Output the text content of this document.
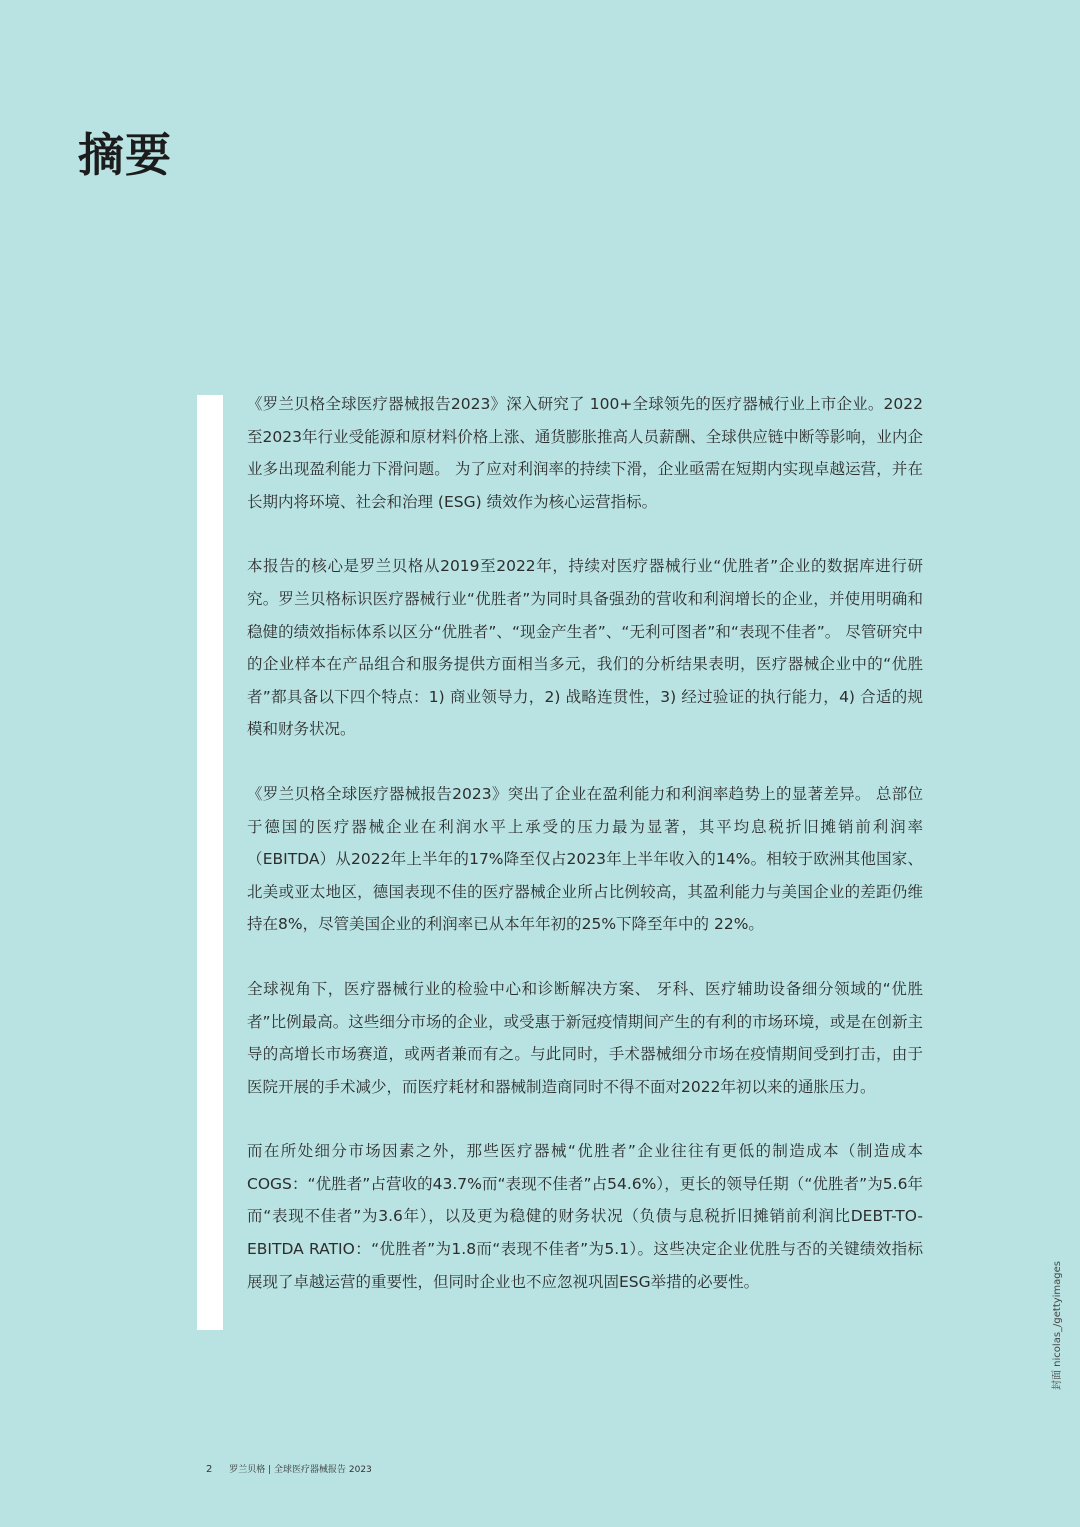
摘要

《罗兰贝格全球医疗器械报告2023》深入研究了 100+全球领先的医疗器械行业上市企业。2022至2023年行业受能源和原材料价格上涨、通货膨胀推高人员薪酬、全球供应链中断等影响，业内企业多出现盈利能力下滑问题。 为了应对利润率的持续下滑，企业亟需在短期内实现卓越运营，并在长期内将环境、社会和治理 (ESG) 绩效作为核心运营指标。

本报告的核心是罗兰贝格从2019至2022年，持续对医疗器械行业“优胜者”企业的数据库进行研究。罗兰贝格标识医疗器械行业“优胜者”为同时具备强劲的营收和利润增长的企业，并使用明确和稳健的绩效指标体系以区分“优胜者”、“现金产生者”、“无利可图者”和“表现不佳者”。 尽管研究中的企业样本在产品组合和服务提供方面相当多元，我们的分析结果表明，医疗器械企业中的“优胜者”都具备以下四个特点：1) 商业领导力，2) 战略连贯性，3) 经过验证的执行能力，4) 合适的规模和财务状况。

《罗兰贝格全球医疗器械报告2023》突出了企业在盈利能力和利润率趋势上的显著差异。 总部位于德国的医疗器械企业在利润水平上承受的压力最为显著，其平均息税折旧摊销前利润率（EBITDA）从2022年上半年的17%降至仅占2023年上半年收入的14%。相较于欧洲其他国家、北美或亚太地区，德国表现不佳的医疗器械企业所占比例较高，其盈利能力与美国企业的差距仍维持在8%，尽管美国企业的利润率已从本年年初的25%下降至年中的 22%。

全球视角下，医疗器械行业的检验中心和诊断解决方案、 牙科、医疗辅助设备细分领域的“优胜者”比例最高。这些细分市场的企业，或受惠于新冠疫情期间产生的有利的市场环境，或是在创新主导的高增长市场赛道，或两者兼而有之。与此同时，手术器械细分市场在疫情期间受到打击，由于医院开展的手术减少，而医疗耗材和器械制造商同时不得不面对2022年初以来的通胀压力。

而在所处细分市场因素之外，那些医疗器械“优胜者”企业往往有更低的制造成本（制造成本COGS：“优胜者”占营收的43.7%而“表现不佳者”占54.6%），更长的领导任期（“优胜者”为5.6年而“表现不佳者”为3.6年），以及更为稳健的财务状况（负债与息税折旧摊销前利润比DEBT-TO-EBITDA RATIO：“优胜者”为1.8而“表现不佳者”为5.1）。这些决定企业优胜与否的关键绩效指标展现了卓越运营的重要性，但同时企业也不应忽视巩固ESG举措的必要性。	封面 nicolas_/gettyimages
2 罗兰贝格 | 全球医疗器械报告 2023
